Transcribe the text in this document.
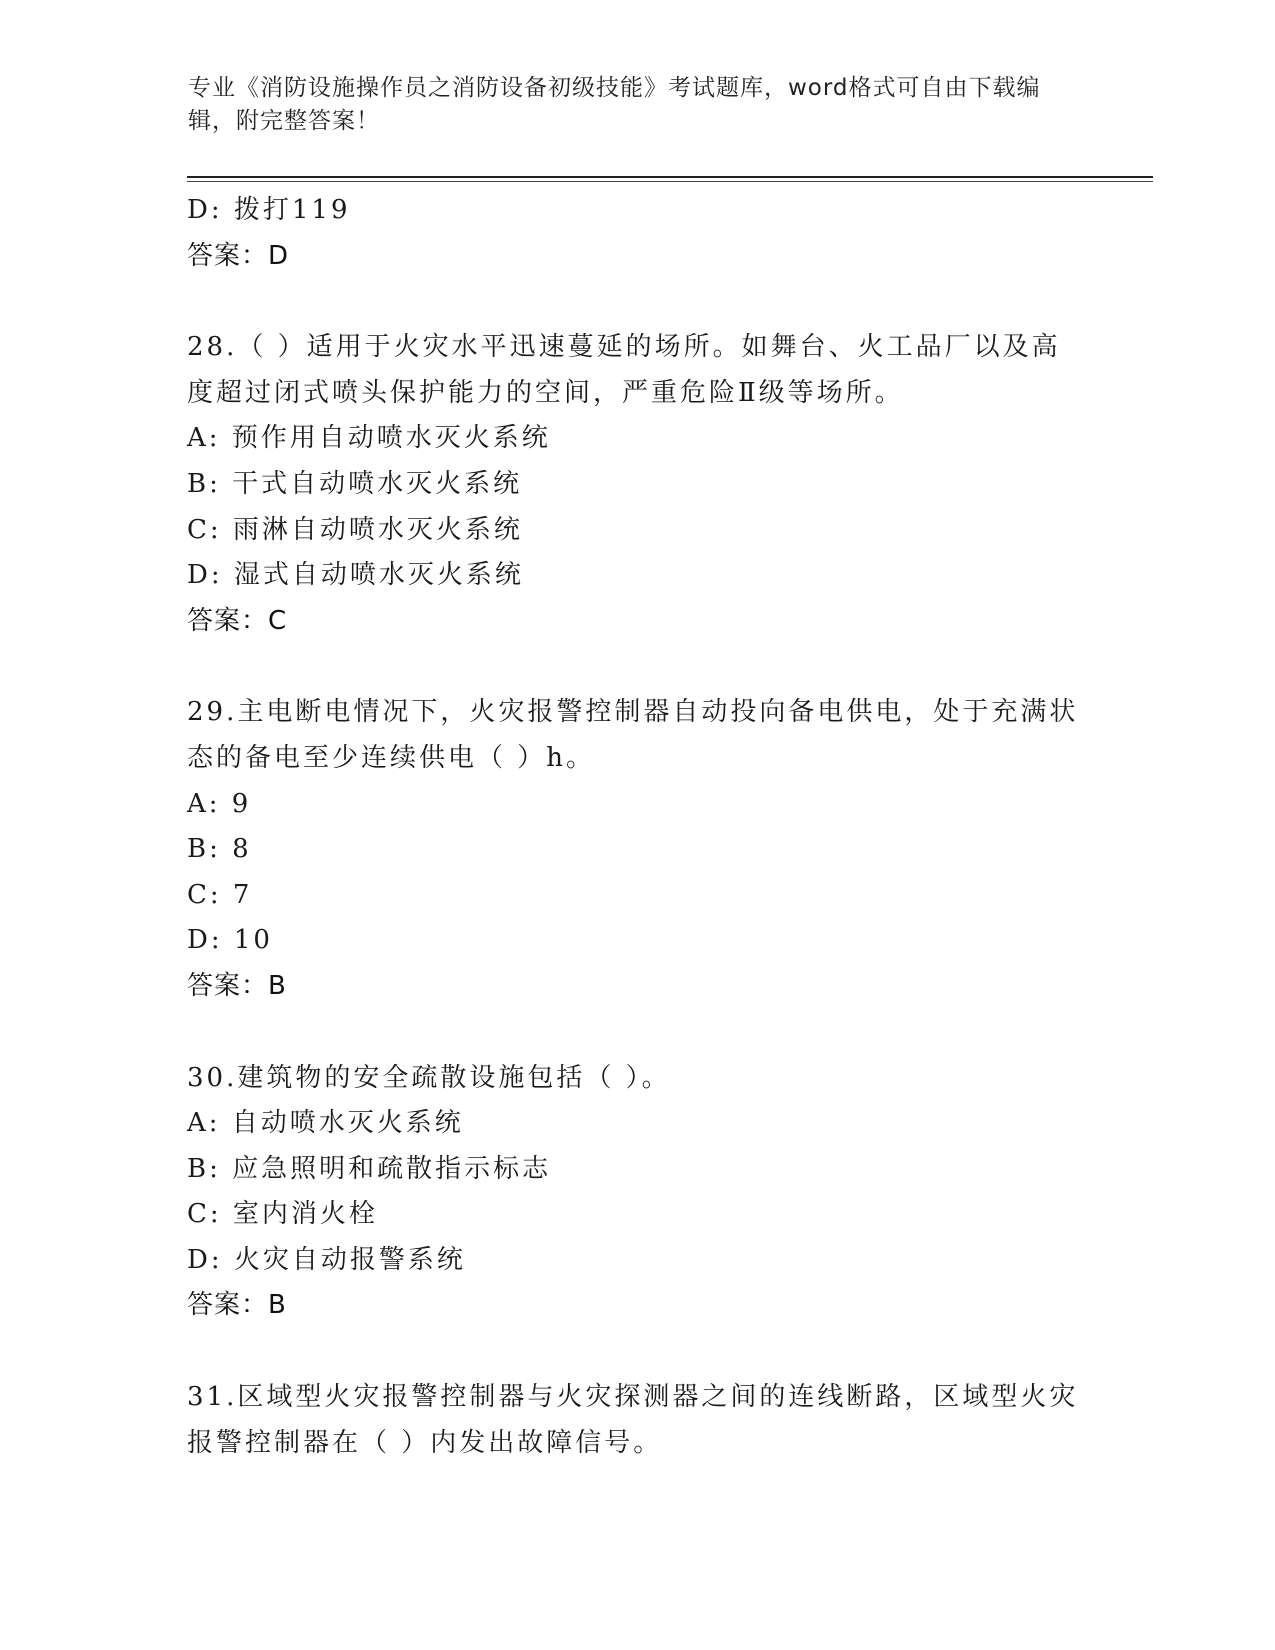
专业《消防设施操作员之消防设备初级技能》考试题库，word格式可自由下载编辑，附完整答案！
D: 拨打119
答案：D
28.（ ）适用于火灾水平迅速蔓延的场所。如舞台、火工品厂以及高
度超过闭式喷头保护能力的空间，严重危险Ⅱ级等场所。
A: 预作用自动喷水灭火系统
B: 干式自动喷水灭火系统
C: 雨淋自动喷水灭火系统
D: 湿式自动喷水灭火系统
答案：C
29.主电断电情况下，火灾报警控制器自动投向备电供电，处于充满状
态的备电至少连续供电（ ）h。
A: 9
B: 8
C: 7
D: 10
答案：B
30.建筑物的安全疏散设施包括（ ）。
A: 自动喷水灭火系统
B: 应急照明和疏散指示标志
C: 室内消火栓
D: 火灾自动报警系统
答案：B
31.区域型火灾报警控制器与火灾探测器之间的连线断路，区域型火灾
报警控制器在（ ）内发出故障信号。
